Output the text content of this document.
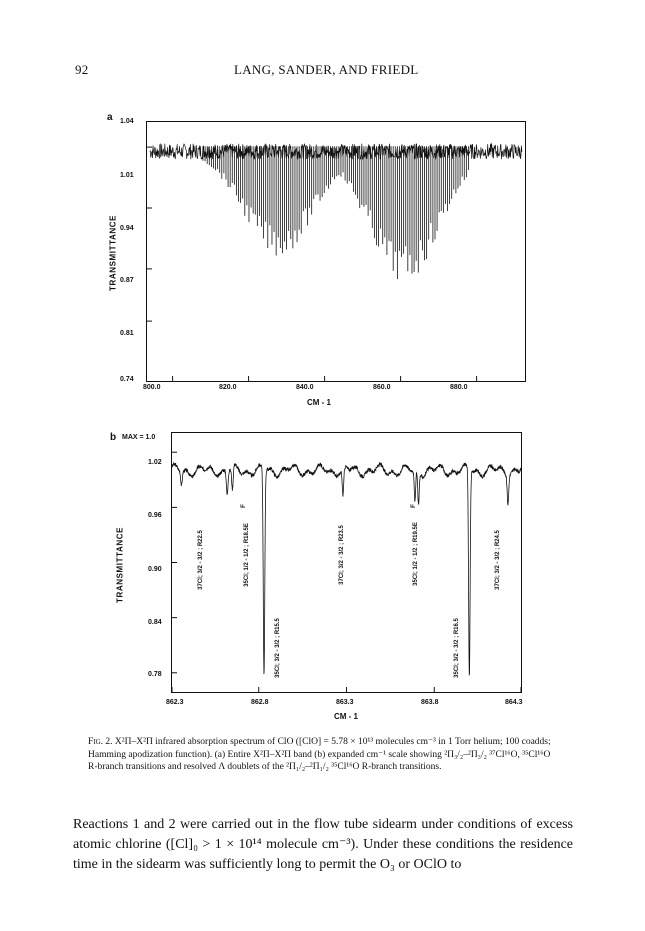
92	LANG, SANDER, AND FRIEDL
a
TRANSMITTANCE
1.04
1.01
0.94
0.87
0.81
0.74
800.0	820.0	840.0	860.0	880.0
CM - 1
b MAX = 1.0
TRANSMITTANCE
1.02
0.96
0.90
0.84
0.78
37Cl; 3/2 - 3/2 ; R22.5	35Cl; 1/2 - 1/2 ; R18.5E
35Cl; 3/2 - 3/2 ; R15.5
37Cl; 3/2 - 3/2 ; R23.5	35Cl; 1/2 - 1/2 ; R19.5E
35Cl; 3/2 - 3/2 ; R16.5
37Cl; 3/2 - 3/2 ; R24.5
F	F
862.3	862.8	863.3	863.8	864.3
CM - 1
Fig. 2. X²Π–X²Π infrared absorption spectrum of ClO ([ClO] = 5.78 × 10¹³ molecules cm⁻³ in 1 Torr helium; 100 coadds; Hamming apodization function). (a) Entire X²Π–X²Π band (b) expanded cm⁻¹ scale showing ²Π₃/₂–²Π₃/₂ ³⁷Cl¹⁶O, ³⁵Cl¹⁶O R-branch transitions and resolved Λ doublets of the ²Π₁/₂–²Π₁/₂ ³⁵Cl¹⁶O R-branch transitions.
Reactions 1 and 2 were carried out in the flow tube sidearm under conditions of excess atomic chlorine ([Cl]₀ > 1 × 10¹⁴ molecule cm⁻³). Under these conditions the residence time in the sidearm was sufficiently long to permit the O₃ or OClO to
